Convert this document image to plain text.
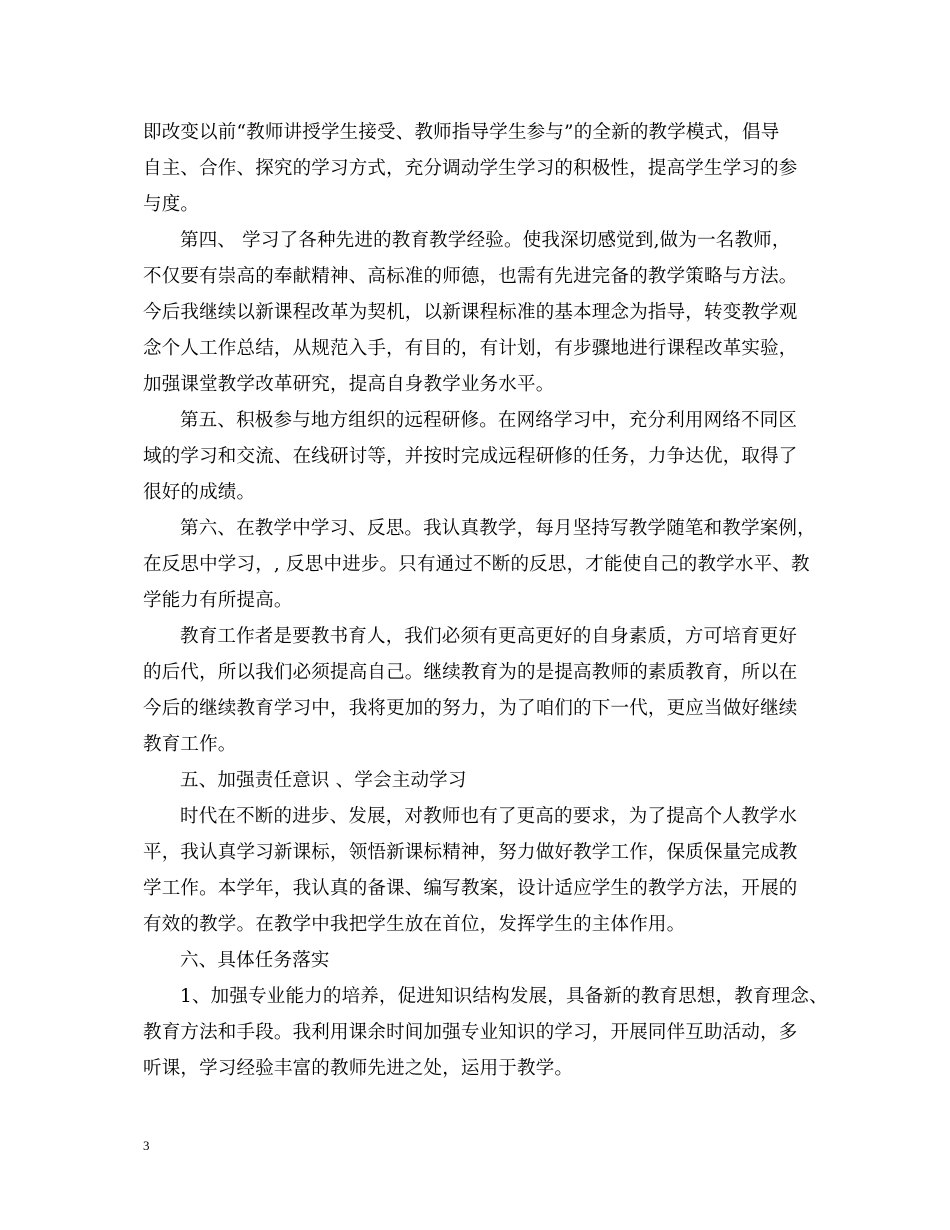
即改变以前“教师讲授学生接受、教师指导学生参与”的全新的教学模式，倡导
自主、合作、探究的学习方式，充分调动学生学习的积极性，提高学生学习的参
与度。
第四、 学习了各种先进的教育教学经验。使我深切感觉到,做为一名教师，
不仅要有崇高的奉献精神、高标准的师德，也需有先进完备的教学策略与方法。
今后我继续以新课程改革为契机，以新课程标准的基本理念为指导，转变教学观
念个人工作总结，从规范入手，有目的，有计划，有步骤地进行课程改革实验，
加强课堂教学改革研究，提高自身教学业务水平。
第五、积极参与地方组织的远程研修。在网络学习中，充分利用网络不同区
域的学习和交流、在线研讨等，并按时完成远程研修的任务，力争达优，取得了
很好的成绩。
第六、在教学中学习、反思。我认真教学，每月坚持写教学随笔和教学案例，
在反思中学习，, 反思中进步。只有通过不断的反思，才能使自己的教学水平、教
学能力有所提高。
教育工作者是要教书育人，我们必须有更高更好的自身素质，方可培育更好
的后代，所以我们必须提高自己。继续教育为的是提高教师的素质教育，所以在
今后的继续教育学习中，我将更加的努力，为了咱们的下一代，更应当做好继续
教育工作。
五、加强责任意识 、学会主动学习
时代在不断的进步、发展，对教师也有了更高的要求，为了提高个人教学水
平，我认真学习新课标，领悟新课标精神，努力做好教学工作，保质保量完成教
学工作。本学年，我认真的备课、编写教案，设计适应学生的教学方法，开展的
有效的教学。在教学中我把学生放在首位，发挥学生的主体作用。
六、具体任务落实
1、加强专业能力的培养，促进知识结构发展，具备新的教育思想，教育理念、
教育方法和手段。我利用课余时间加强专业知识的学习，开展同伴互助活动，多
听课，学习经验丰富的教师先进之处，运用于教学。
3
